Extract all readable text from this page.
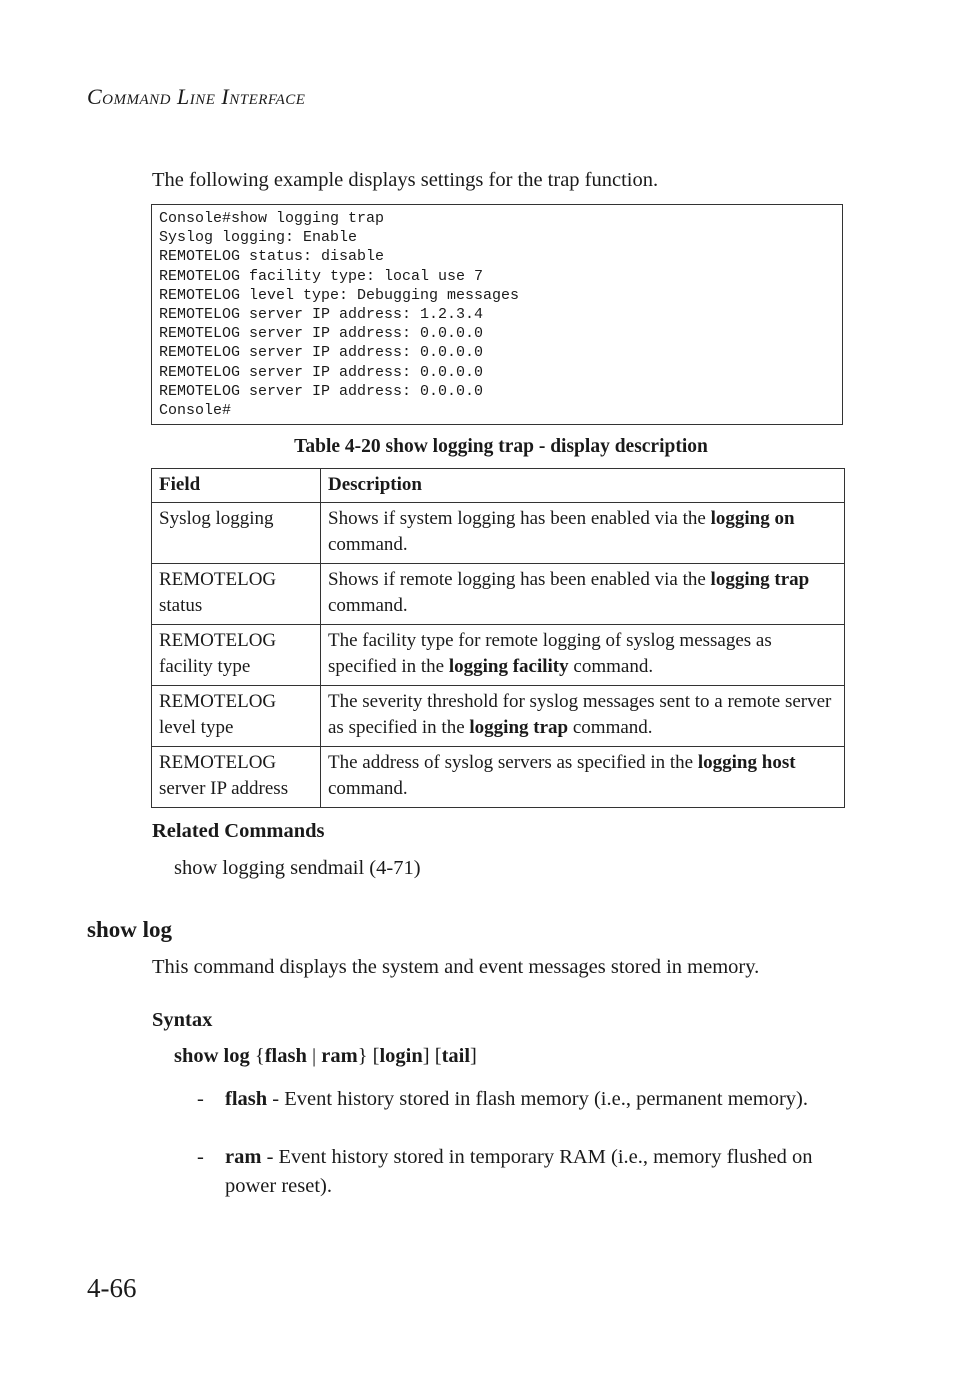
Command Line Interface
The following example displays settings for the trap function.
Console#show logging trap
Syslog logging: Enable
REMOTELOG status: disable
REMOTELOG facility type: local use 7
REMOTELOG level type: Debugging messages
REMOTELOG server IP address: 1.2.3.4
REMOTELOG server IP address: 0.0.0.0
REMOTELOG server IP address: 0.0.0.0
REMOTELOG server IP address: 0.0.0.0
REMOTELOG server IP address: 0.0.0.0
Console#
Table 4-20 show logging trap - display description
Field	Description
Syslog logging	Shows if system logging has been enabled via the logging on command.
REMOTELOG
status	Shows if remote logging has been enabled via the logging trap command.
REMOTELOG
facility type	The facility type for remote logging of syslog messages as specified in the logging facility command.
REMOTELOG
level type	The severity threshold for syslog messages sent to a remote server as specified in the logging trap command.
REMOTELOG
server IP address	The address of syslog servers as specified in the logging host command.
Related Commands
show logging sendmail (4-71)
show log
This command displays the system and event messages stored in memory.
Syntax
show log {flash | ram} [login] [tail]
- flash - Event history stored in flash memory (i.e., permanent memory).
- ram - Event history stored in temporary RAM (i.e., memory flushed on power reset).
4-66
